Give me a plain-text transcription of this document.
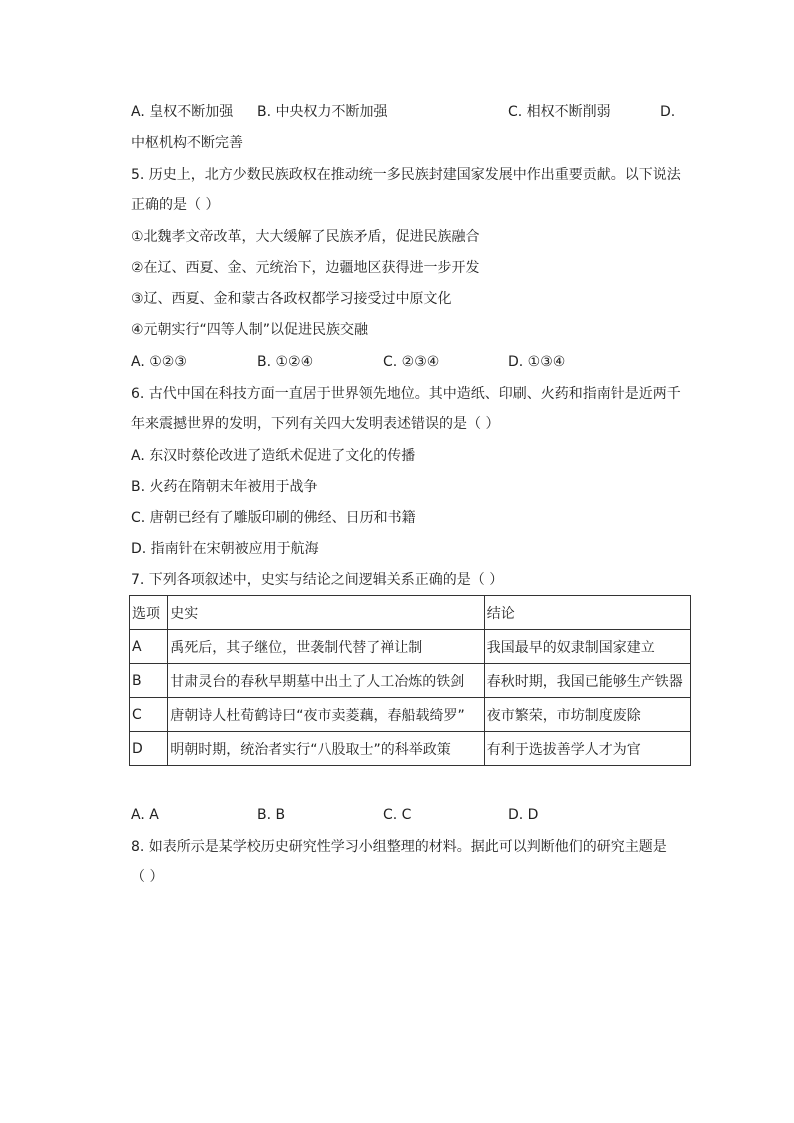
A. 皇权不断加强 B. 中央权力不断加强	C. 相权不断削弱	D.
中枢机构不断完善
5. 历史上，北方少数民族政权在推动统一多民族封建国家发展中作出重要贡献。以下说法
正确的是（ ）
①北魏孝文帝改革，大大缓解了民族矛盾，促进民族融合
②在辽、西夏、金、元统治下，边疆地区获得进一步开发
③辽、西夏、金和蒙古各政权都学习接受过中原文化
④元朝实行“四等人制”以促进民族交融
A. ①②③	B. ①②④	C. ②③④	D. ①③④
6. 古代中国在科技方面一直居于世界领先地位。其中造纸、印刷、火药和指南针是近两千
年来震撼世界的发明，下列有关四大发明表述错误的是（ ）
A. 东汉时蔡伦改进了造纸术促进了文化的传播
B. 火药在隋朝末年被用于战争
C. 唐朝已经有了雕版印刷的佛经、日历和书籍
D. 指南针在宋朝被应用于航海
7. 下列各项叙述中，史实与结论之间逻辑关系正确的是（ ）
选项	史实	结论
A	禹死后，其子继位，世袭制代替了禅让制	我国最早的奴隶制国家建立
B	甘肃灵台的春秋早期墓中出土了人工冶炼的铁剑	春秋时期，我国已能够生产铁器
C	唐朝诗人杜荀鹤诗曰“夜市卖菱藕，春船载绮罗”	夜市繁荣，市坊制度废除
D	明朝时期，统治者实行“八股取士”的科举政策	有利于选拔善学人才为官
A. A	B. B	C. C	D. D
8. 如表所示是某学校历史研究性学习小组整理的材料。据此可以判断他们的研究主题是
（ ）
